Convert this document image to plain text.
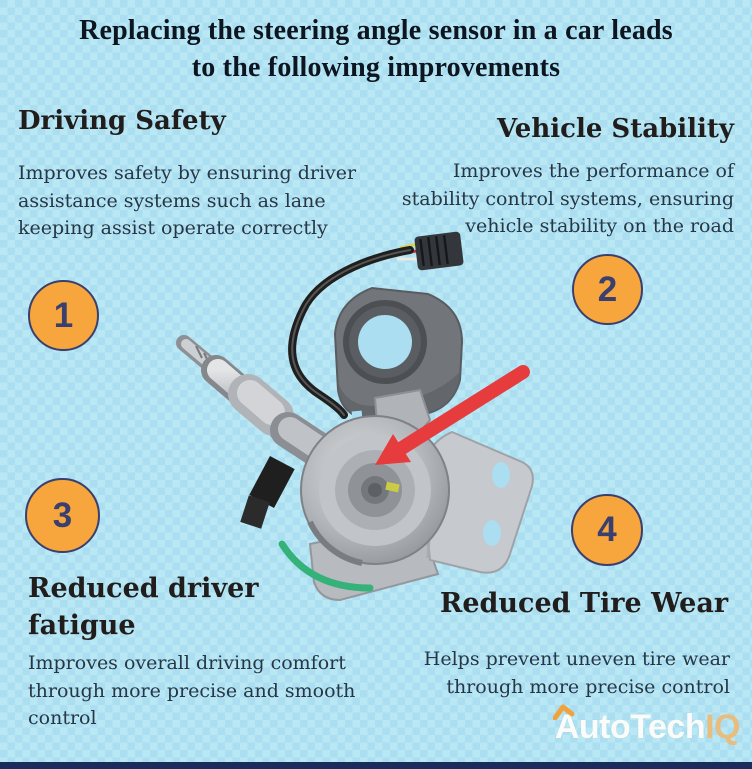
Replacing the steering angle sensor in a car leads
to the following improvements
Driving Safety
Improves safety by ensuring driver
assistance systems such as lane
keeping assist operate correctly
Vehicle Stability
Improves the performance of
stability control systems, ensuring
vehicle stability on the road
Reduced driver
fatigue
Improves overall driving comfort
through more precise and smooth
control
Reduced Tire Wear
Helps prevent uneven tire wear
through more precise control
1
2
3	4
AutoTech IQ
